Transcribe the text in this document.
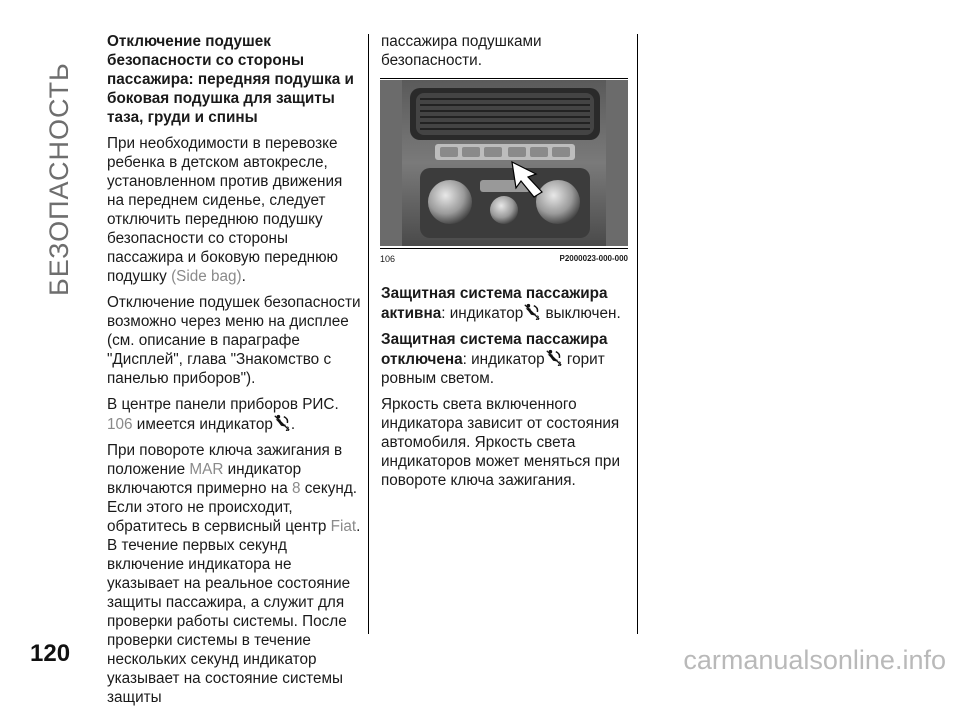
БЕЗОПАСНОСТЬ
120
Отключение подушек безопасности со стороны пассажира: передняя подушка и боковая подушка для защиты таза, груди и спины

При необходимости в перевозке ребенка в детском автокресле, установленном против движения на переднем сиденье, следует отключить переднюю подушку безопасности со стороны пассажира и боковую переднюю подушку (Side bag).

Отключение подушек безопасности возможно через меню на дисплее (см. описание в параграфе "Дисплей", глава "Знакомство с панелью приборов").

В центре панели приборов РИС. 106 имеется индикатор 2 .

При повороте ключа зажигания в положение MAR индикатор включаются примерно на 8 секунд. Если этого не происходит, обратитесь в сервисный центр Fiat. В течение первых секунд включение индикатора не указывает на реальное состояние защиты пассажира, а служит для проверки работы системы. После проверки системы в течение нескольких секунд индикатор указывает на состояние системы защиты

пассажира подушками безопасности.

106	P2000023-000-000

Защитная система пассажира активна: индикатор 2 выключен.

Защитная система пассажира отключена: индикатор 2 горит ровным светом.

Яркость света включенного индикатора зависит от состояния автомобиля. Яркость света индикаторов может меняться при повороте ключа зажигания.

carmanualsonline.info
